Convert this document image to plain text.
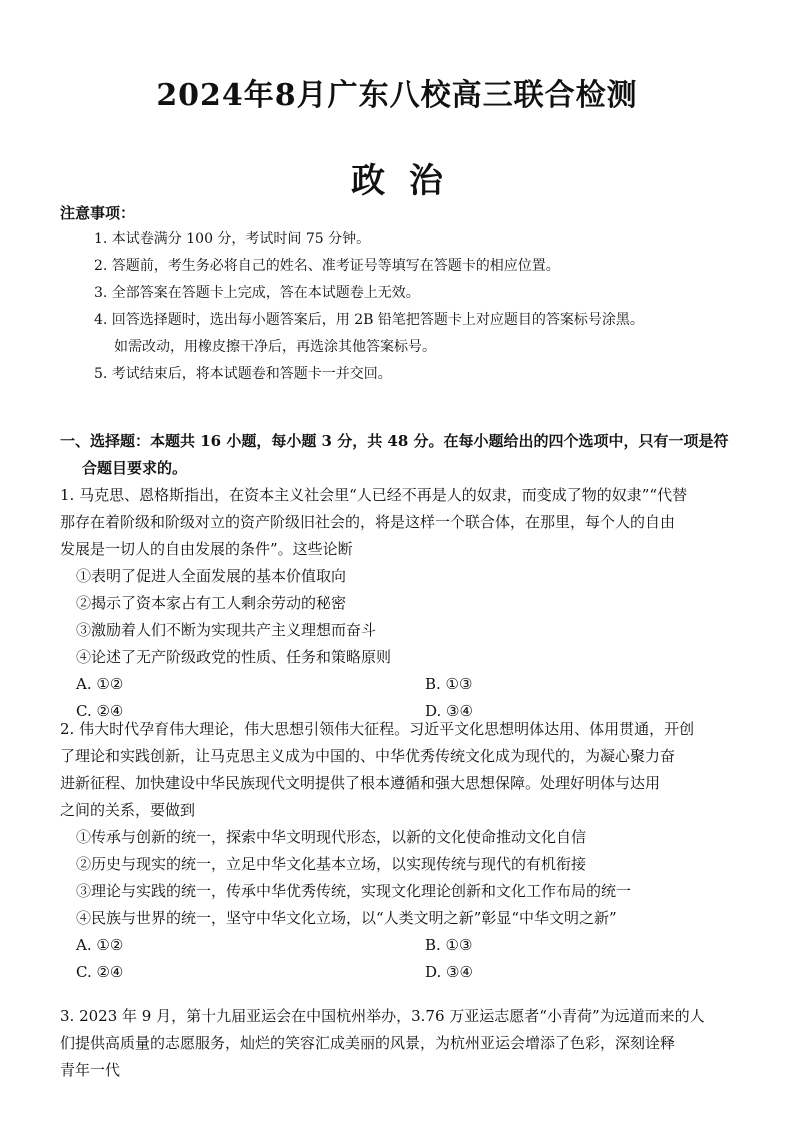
2024年8月广东八校高三联合检测
政  治
注意事项：
1. 本试卷满分 100 分，考试时间 75 分钟。
2. 答题前，考生务必将自己的姓名、准考证号等填写在答题卡的相应位置。
3. 全部答案在答题卡上完成，答在本试题卷上无效。
4. 回答选择题时，选出每小题答案后，用 2B 铅笔把答题卡上对应题目的答案标号涂黑。
如需改动，用橡皮擦干净后，再选涂其他答案标号。
5. 考试结束后，将本试题卷和答题卡一并交回。
一、选择题：本题共 16 小题，每小题 3 分，共 48 分。在每小题给出的四个选项中，只有一项是符
合题目要求的。

1. 马克思、恩格斯指出，在资本主义社会里“人已经不再是人的奴隶，而变成了物的奴隶”“代替

那存在着阶级和阶级对立的资产阶级旧社会的，将是这样一个联合体，在那里，每个人的自由

发展是一切人的自由发展的条件”。这些论断

①表明了促进人全面发展的基本价值取向

②揭示了资本家占有工人剩余劳动的秘密

③激励着人们不断为实现共产主义理想而奋斗

④论述了无产阶级政党的性质、任务和策略原则

A. ①②	B. ①③
C. ②④	D. ③④

2. 伟大时代孕育伟大理论，伟大思想引领伟大征程。习近平文化思想明体达用、体用贯通，开创

了理论和实践创新，让马克思主义成为中国的、中华优秀传统文化成为现代的，为凝心聚力奋

进新征程、加快建设中华民族现代文明提供了根本遵循和强大思想保障。处理好明体与达用

之间的关系，要做到

①传承与创新的统一，探索中华文明现代形态，以新的文化使命推动文化自信

②历史与现实的统一，立足中华文化基本立场，以实现传统与现代的有机衔接

③理论与实践的统一，传承中华优秀传统，实现文化理论创新和文化工作布局的统一

④民族与世界的统一，坚守中华文化立场，以“人类文明之新”彰显“中华文明之新”

A. ①②	B. ①③
C. ②④	D. ③④

3. 2023 年 9 月，第十九届亚运会在中国杭州举办，3.76 万亚运志愿者“小青荷”为远道而来的人

们提供高质量的志愿服务，灿烂的笑容汇成美丽的风景，为杭州亚运会增添了色彩，深刻诠释

青年一代
